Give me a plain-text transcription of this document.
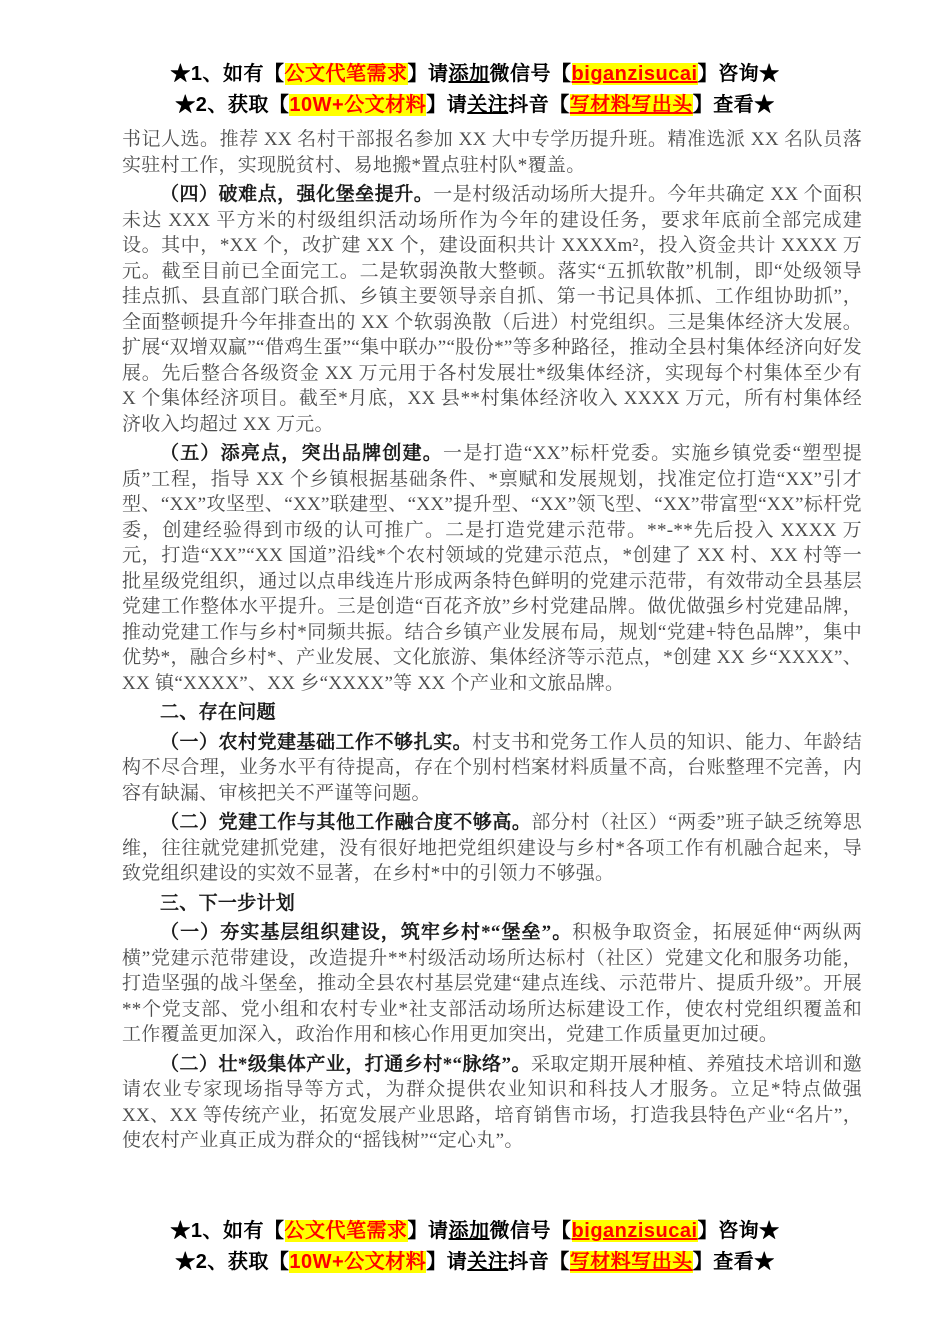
★1、如有【公文代笔需求】请添加微信号【biganzisucai】咨询★
★2、获取【10W+公文材料】请关注抖音【写材料写出头】查看★

书记人选。推荐 XX 名村干部报名参加 XX 大中专学历提升班。精准选派 XX 名队员落实驻村工作，实现脱贫村、易地搬*置点驻村队*覆盖。

（四）破难点，强化堡垒提升。一是村级活动场所大提升。今年共确定 XX 个面积未达 XXX 平方米的村级组织活动场所作为今年的建设任务，要求年底前全部完成建设。其中，*XX 个，改扩建 XX 个，建设面积共计 XXXXm²，投入资金共计 XXXX 万元。截至目前已全面完工。二是软弱涣散大整顿。落实“五抓软散”机制，即“处级领导挂点抓、县直部门联合抓、乡镇主要领导亲自抓、第一书记具体抓、工作组协助抓”，全面整顿提升今年排查出的 XX 个软弱涣散（后进）村党组织。三是集体经济大发展。扩展“双增双赢”“借鸡生蛋”“集中联办”“股份*”等多种路径，推动全县村集体经济向好发展。先后整合各级资金 XX 万元用于各村发展壮*级集体经济，实现每个村集体至少有 X 个集体经济项目。截至*月底，XX 县**村集体经济收入 XXXX 万元，所有村集体经济收入均超过 XX 万元。

（五）添亮点，突出品牌创建。一是打造“XX”标杆党委。实施乡镇党委“塑型提质”工程，指导 XX 个乡镇根据基础条件、*禀赋和发展规划，找准定位打造“XX”引才型、“XX”攻坚型、“XX”联建型、“XX”提升型、“XX”领飞型、“XX”带富型“XX”标杆党委，创建经验得到市级的认可推广。二是打造党建示范带。**-**先后投入 XXXX 万元，打造“XX”“XX 国道”沿线*个农村领域的党建示范点，*创建了 XX 村、XX 村等一批星级党组织，通过以点串线连片形成两条特色鲜明的党建示范带，有效带动全县基层党建工作整体水平提升。三是创造“百花齐放”乡村党建品牌。做优做强乡村党建品牌，推动党建工作与乡村*同频共振。结合乡镇产业发展布局，规划“党建+特色品牌”，集中优势*，融合乡村*、产业发展、文化旅游、集体经济等示范点，*创建 XX 乡“XXXX”、XX 镇“XXXX”、XX 乡“XXXX”等 XX 个产业和文旅品牌。

二、存在问题

（一）农村党建基础工作不够扎实。村支书和党务工作人员的知识、能力、年龄结构不尽合理，业务水平有待提高，存在个别村档案材料质量不高，台账整理不完善，内容有缺漏、审核把关不严谨等问题。

（二）党建工作与其他工作融合度不够高。部分村（社区）“两委”班子缺乏统筹思维，往往就党建抓党建，没有很好地把党组织建设与乡村*各项工作有机融合起来，导致党组织建设的实效不显著，在乡村*中的引领力不够强。

三、下一步计划

（一）夯实基层组织建设，筑牢乡村*“堡垒”。积极争取资金，拓展延伸“两纵两横”党建示范带建设，改造提升**村级活动场所达标村（社区）党建文化和服务功能，打造坚强的战斗堡垒，推动全县农村基层党建“建点连线、示范带片、提质升级”。开展**个党支部、党小组和农村专业*社支部活动场所达标建设工作，使农村党组织覆盖和工作覆盖更加深入，政治作用和核心作用更加突出，党建工作质量更加过硬。

（二）壮*级集体产业，打通乡村*“脉络”。采取定期开展种植、养殖技术培训和邀请农业专家现场指导等方式，为群众提供农业知识和科技人才服务。立足*特点做强 XX、XX 等传统产业，拓宽发展产业思路，培育销售市场，打造我县特色产业“名片”，使农村产业真正成为群众的“摇钱树”“定心丸”。

★1、如有【公文代笔需求】请添加微信号【biganzisucai】咨询★
★2、获取【10W+公文材料】请关注抖音【写材料写出头】查看★
